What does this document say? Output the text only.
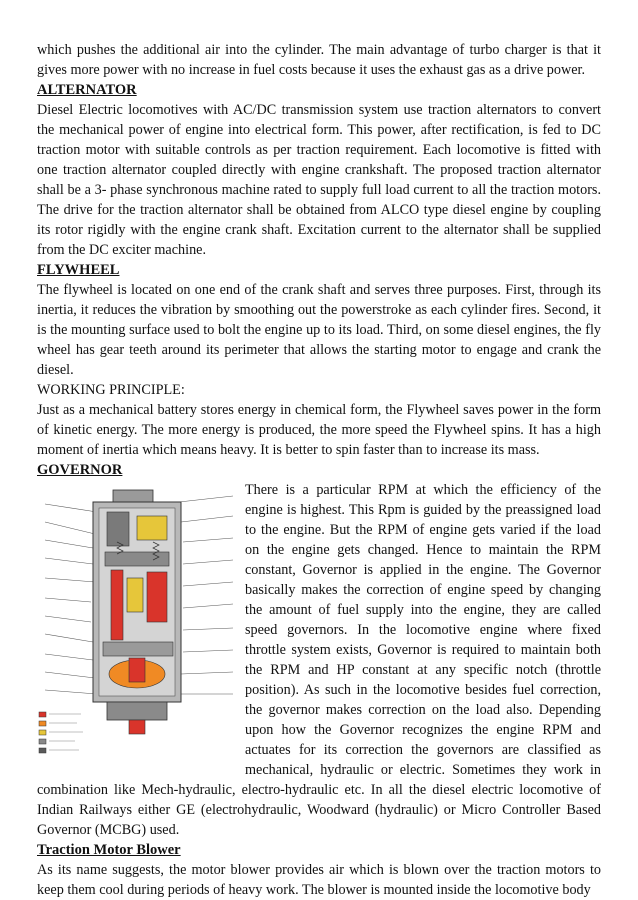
which pushes the additional air into the cylinder. The main advantage of turbo charger is that it gives more power with no increase in fuel costs because it uses the exhaust gas as a drive power.

ALTERNATOR

Diesel Electric locomotives with AC/DC transmission system use traction alternators to convert the mechanical power of engine into electrical form. This power, after rectification, is fed to DC traction motor with suitable controls as per traction requirement. Each locomotive is fitted with one traction alternator coupled directly with engine crankshaft. The proposed traction alternator shall be a 3- phase synchronous machine rated to supply full load current to all the traction motors. The drive for the traction alternator shall be obtained from ALCO type diesel engine by coupling its rotor rigidly with the engine crank shaft. Excitation current to the alternator shall be supplied from the DC exciter machine.

FLYWHEEL

The flywheel is located on one end of the crank shaft and serves three purposes. First, through its inertia, it reduces the vibration by smoothing out the powerstroke as each cylinder fires. Second, it is the mounting surface used to bolt the engine up to its load. Third, on some diesel engines, the fly wheel has gear teeth around its perimeter that allows the starting motor to engage and crank the diesel.

WORKING PRINCIPLE:

Just as a mechanical battery stores energy in chemical form, the Flywheel saves power in the form of kinetic energy. The more energy is produced, the more speed the Flywheel spins. It has a high moment of inertia which means heavy. It is better to spin faster than to increase its mass.

GOVERNOR

There is a particular RPM at which the efficiency of the engine is highest. This Rpm is guided by the preassigned load to the engine. But the RPM of engine gets varied if the load on the engine gets changed. Hence to maintain the RPM constant, Governor is applied in the engine. The Governor basically makes the correction of engine speed by changing the amount of fuel supply into the engine, they are called speed governors. In the locomotive engine where fixed throttle system exists, Governor is required to maintain both the RPM and HP constant at any specific notch (throttle position). As such in the locomotive besides fuel correction, the governor makes correction on the load also. Depending upon how the Governor recognizes the engine RPM and actuates for its correction the governors are classified as mechanical, hydraulic or electric. Sometimes they work in combination like Mech-hydraulic, electro-hydraulic etc. In all the diesel electric locomotive of Indian Railways either GE (electrohydraulic, Woodward (hydraulic) or Micro Controller Based Governor (MCBG) used.

Traction Motor Blower

As its name suggests, the motor blower provides air which is blown over the traction motors to keep them cool during periods of heavy work. The blower is mounted inside the locomotive body
